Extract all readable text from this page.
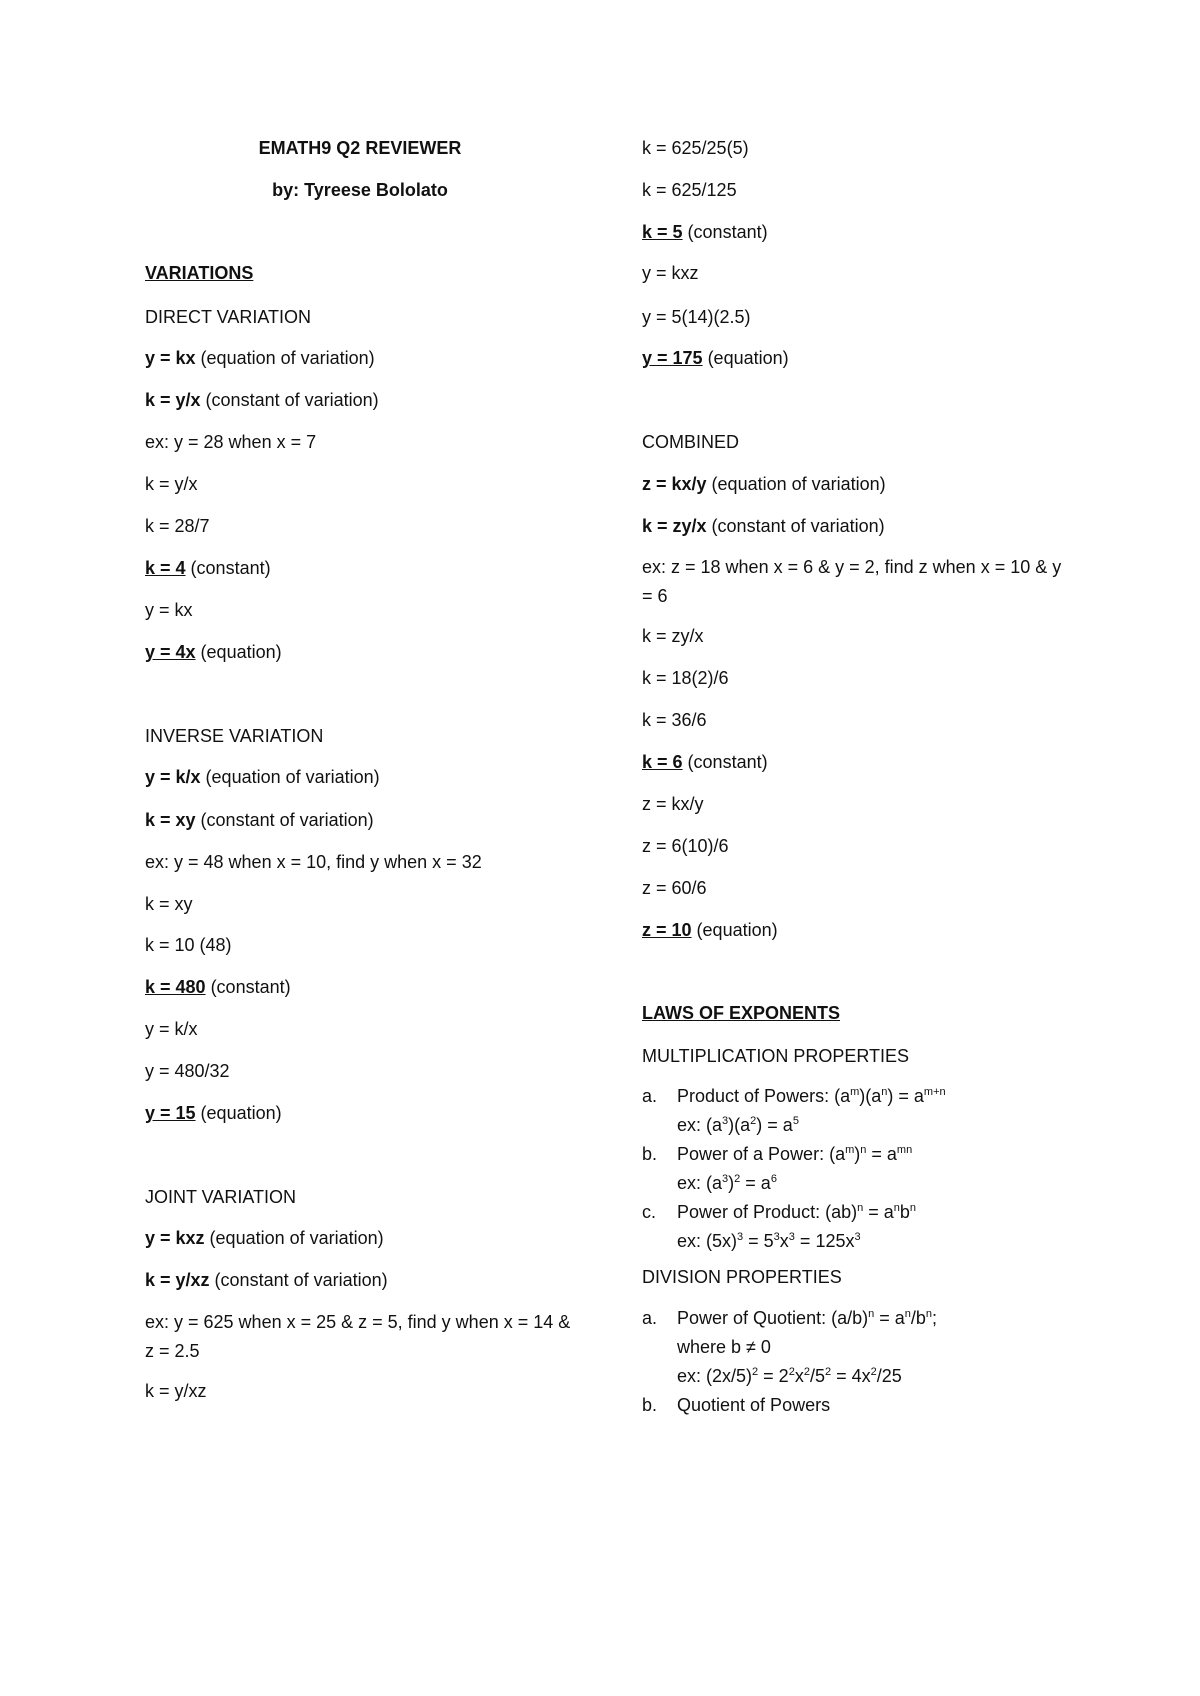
EMATH9 Q2 REVIEWER
by: Tyreese Bololato
VARIATIONS
DIRECT VARIATION
y = kx (equation of variation)
k = y/x (constant of variation)
ex: y = 28 when x = 7
k = y/x
k = 28/7
k = 4 (constant)
y = kx
y = 4x (equation)
INVERSE VARIATION
y = k/x (equation of variation)
k = xy (constant of variation)
ex: y = 48 when x = 10, find y when x = 32
k = xy
k = 10 (48)
k = 480 (constant)
y = k/x
y = 480/32
y = 15 (equation)
JOINT VARIATION
y = kxz (equation of variation)
k = y/xz (constant of variation)
ex: y = 625 when x = 25 & z = 5, find y when x = 14 & z = 2.5
k = y/xz
k = 625/25(5)
k = 625/125
k = 5 (constant)
y = kxz
y = 5(14)(2.5)
y = 175 (equation)
COMBINED
z = kx/y (equation of variation)
k = zy/x (constant of variation)
ex: z = 18 when x = 6 & y = 2, find z when x = 10 & y = 6
k = zy/x
k = 18(2)/6
k = 36/6
k = 6 (constant)
z = kx/y
z = 6(10)/6
z = 60/6
z = 10 (equation)
LAWS OF EXPONENTS
MULTIPLICATION PROPERTIES
a. Product of Powers: $(a^m)(a^n) = a^{m+n}$
ex: $(a^3)(a^2) = a^5$
b. Power of a Power: $(a^m)^n = a^{mn}$
ex: $(a^3)^2 = a^6$
c. Power of Product: $(ab)^n = a^nb^n$
ex: $(5x)^3 = 5^3x^3 = 125x^3$
DIVISION PROPERTIES
a. Power of Quotient: $(a/b)^n = a^n/b^n$;
where b ≠ 0
ex: $(2x/5)^2 = 2^2x^2/5^2 = 4x^2/25$
b. Quotient of Powers
